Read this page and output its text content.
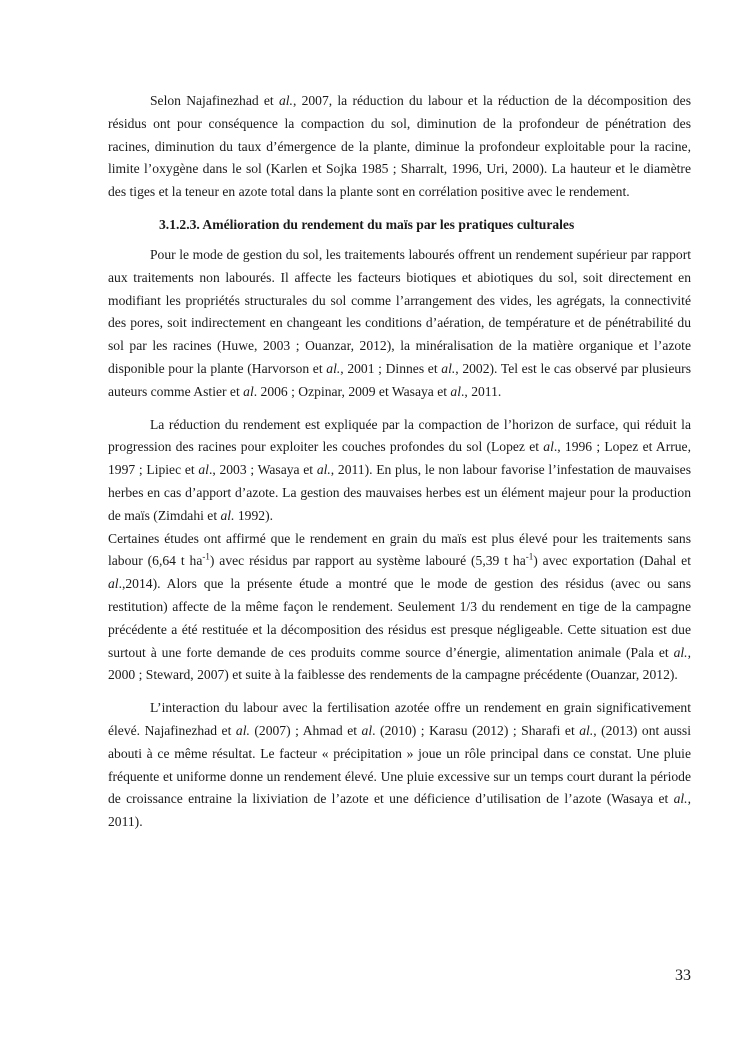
Selon Najafinezhad et al., 2007, la réduction du labour et la réduction de la décomposition des résidus ont pour conséquence la compaction du sol, diminution de la profondeur de pénétration des racines, diminution du taux d’émergence de la plante, diminue la profondeur exploitable pour la racine, limite l’oxygène dans le sol (Karlen et Sojka 1985 ; Sharralt, 1996, Uri, 2000). La hauteur et le diamètre des tiges et la teneur en azote total dans la plante sont en corrélation positive avec le rendement.

3.1.2.3. Amélioration du rendement du maïs par les pratiques culturales

Pour le mode de gestion du sol, les traitements labourés offrent un rendement supérieur par rapport aux traitements non labourés. Il affecte les facteurs biotiques et abiotiques du sol, soit directement en modifiant les propriétés structurales du sol comme l’arrangement des vides, les agrégats, la connectivité des pores, soit indirectement en changeant les conditions d’aération, de température et de pénétrabilité du sol par les racines (Huwe, 2003 ; Ouanzar, 2012), la minéralisation de la matière organique et l’azote disponible pour la plante (Harvorson et al., 2001 ; Dinnes et al., 2002). Tel est le cas observé par plusieurs auteurs comme Astier et al. 2006 ; Ozpinar, 2009 et Wasaya et al., 2011.

La réduction du rendement est expliquée par la compaction de l’horizon de surface, qui réduit la progression des racines pour exploiter les couches profondes du sol (Lopez et al., 1996 ; Lopez et Arrue, 1997 ; Lipiec et al., 2003 ; Wasaya et al., 2011). En plus, le non labour favorise l’infestation de mauvaises herbes en cas d’apport d’azote. La gestion des mauvaises herbes est un élément majeur pour la production de maïs (Zimdahi et al. 1992).

Certaines études ont affirmé que le rendement en grain du maïs est plus élevé pour les traitements sans labour (6,64 t $ha^{-1}$) avec résidus par rapport au système labouré (5,39 t $ha^{-1}$) avec exportation (Dahal et al.,2014). Alors que la présente étude a montré que le mode de gestion des résidus (avec ou sans restitution) affecte de la même façon le rendement. Seulement 1/3 du rendement en tige de la campagne précédente a été restituée et la décomposition des résidus est presque négligeable. Cette situation est due surtout à une forte demande de ces produits comme source d’énergie, alimentation animale (Pala et al., 2000 ; Steward, 2007) et suite à la faiblesse des rendements de la campagne précédente (Ouanzar, 2012).

L’interaction du labour avec la fertilisation azotée offre un rendement en grain significativement élevé. Najafinezhad et al. (2007) ; Ahmad et al. (2010) ; Karasu (2012) ; Sharafi et al., (2013) ont aussi abouti à ce même résultat. Le facteur « précipitation » joue un rôle principal dans ce constat. Une pluie fréquente et uniforme donne un rendement élevé. Une pluie excessive sur un temps court durant la période de croissance entraine la lixiviation de l’azote et une déficience d’utilisation de l’azote (Wasaya et al., 2011).

33
